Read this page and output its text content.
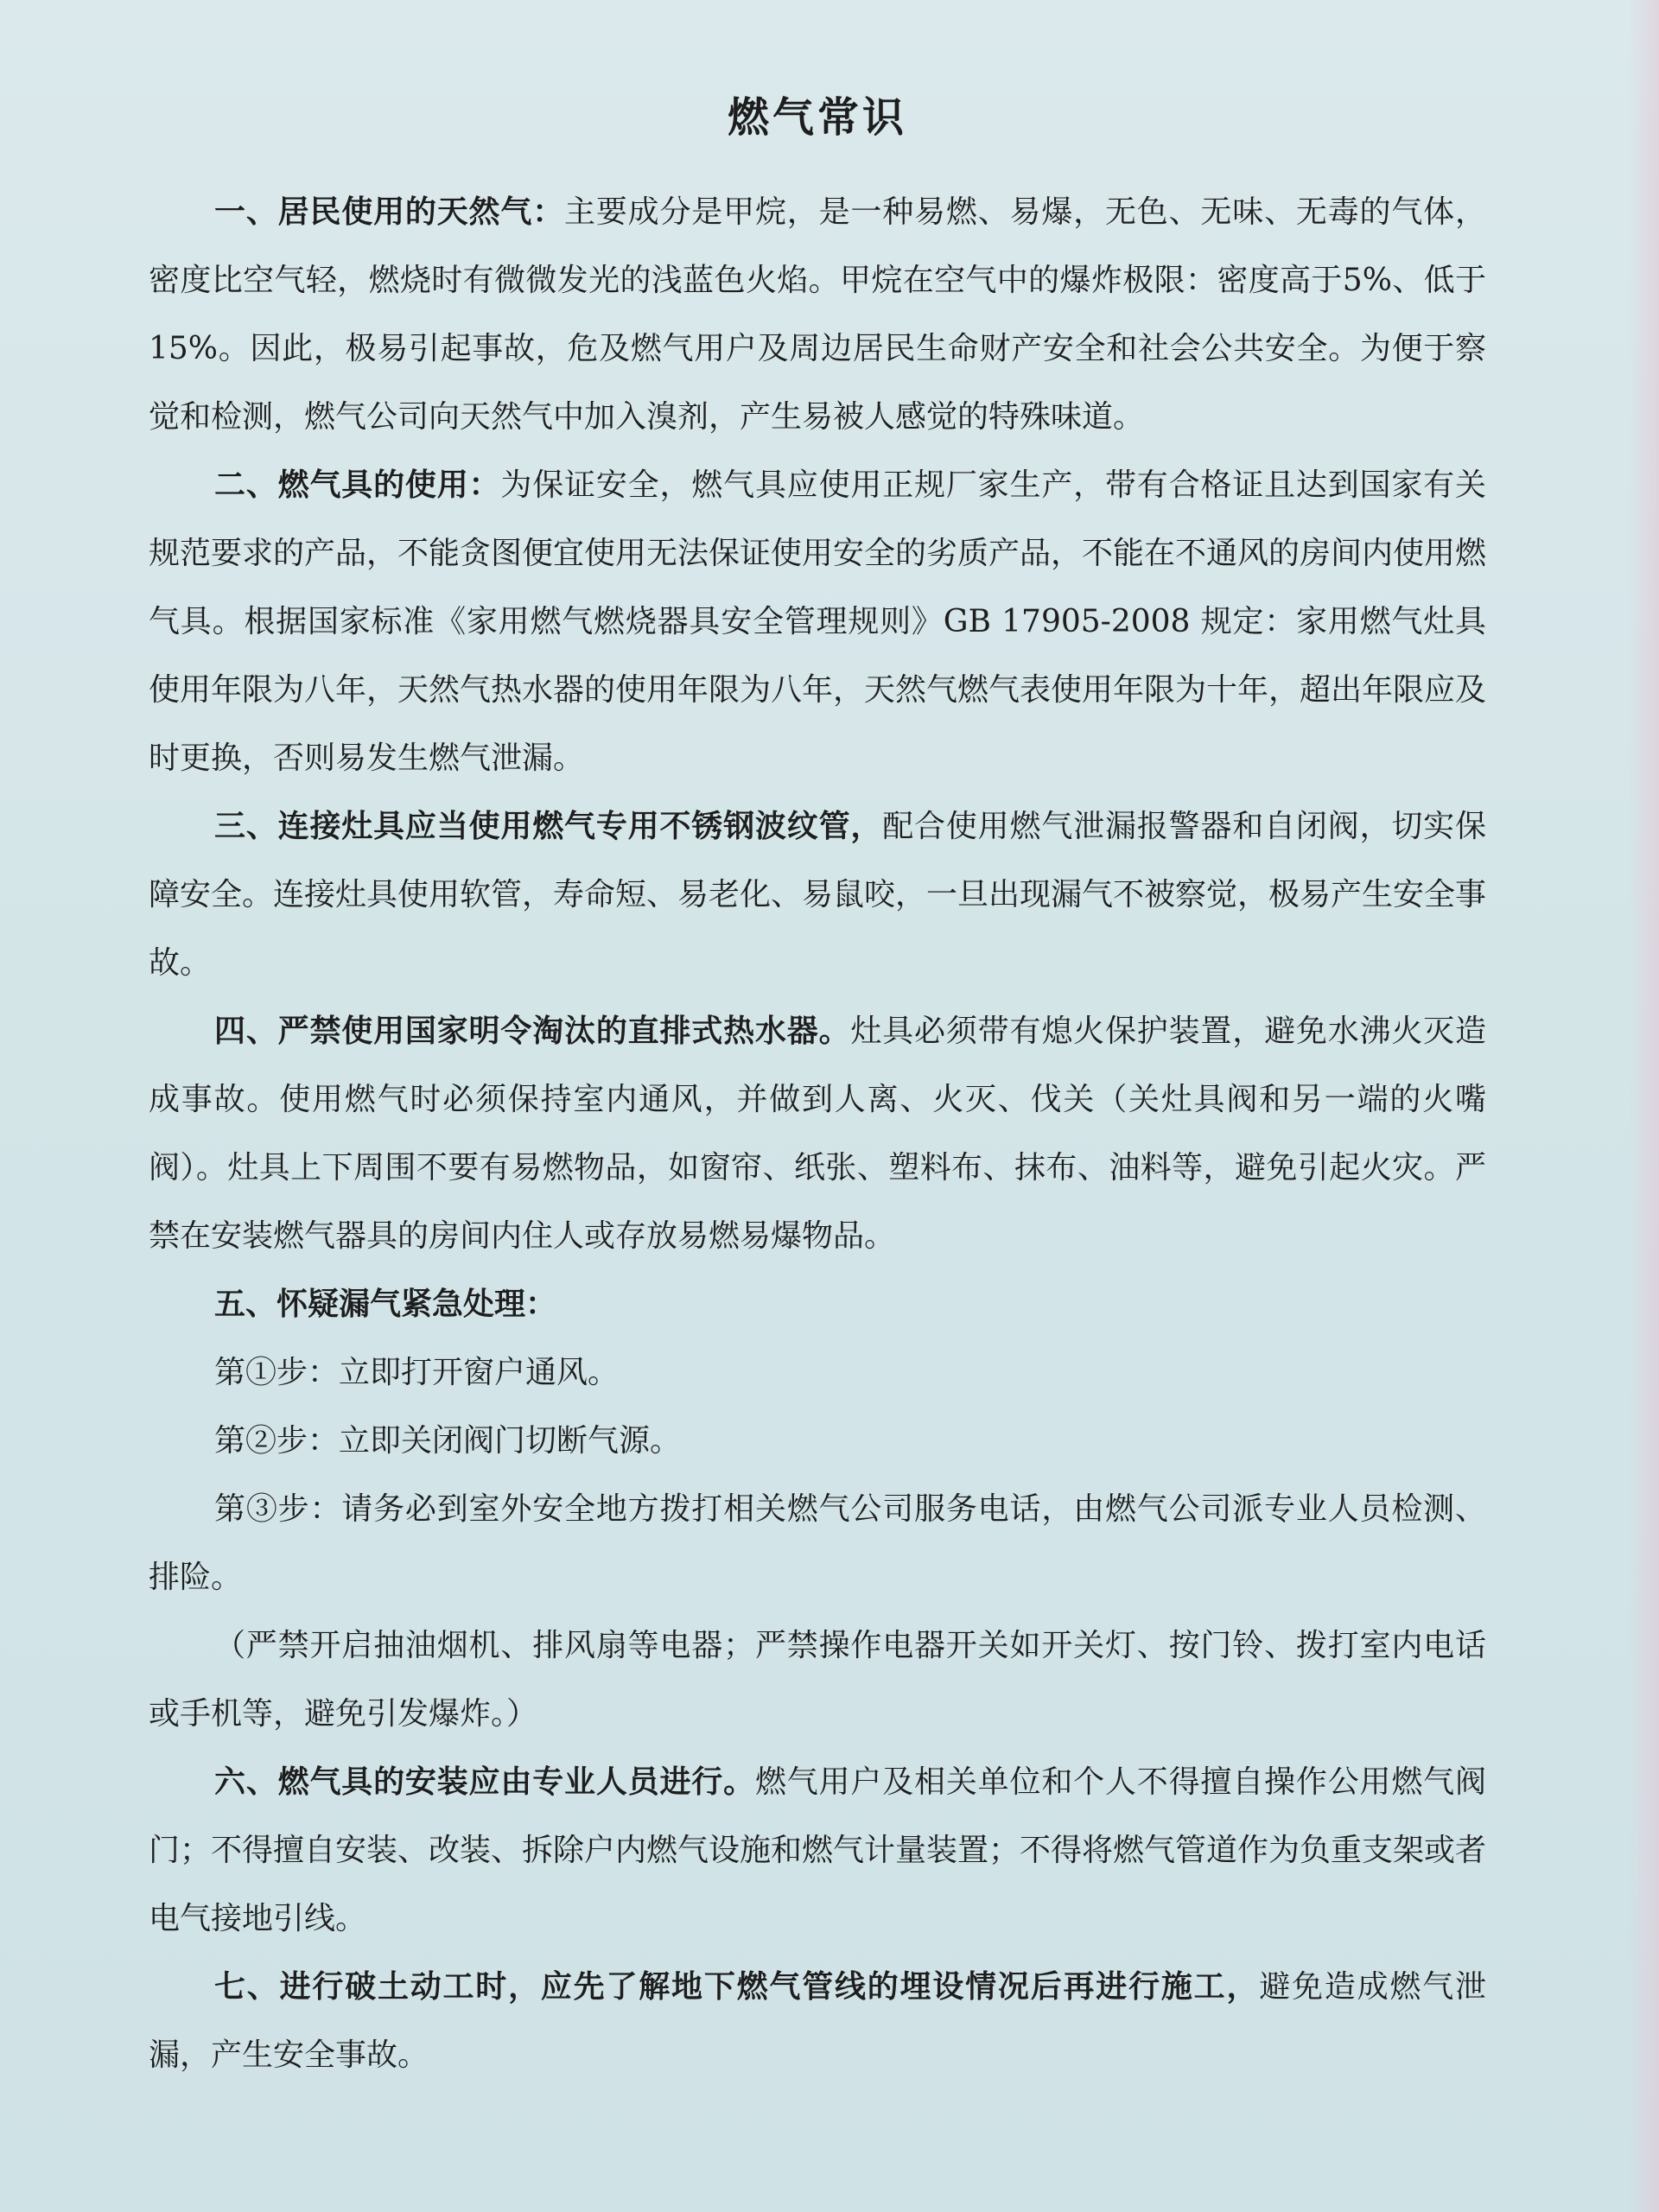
燃气常识

一、居民使用的天然气：主要成分是甲烷，是一种易燃、易爆，无色、无味、无毒的气体，密度比空气轻，燃烧时有微微发光的浅蓝色火焰。甲烷在空气中的爆炸极限：密度高于5%、低于15%。因此，极易引起事故，危及燃气用户及周边居民生命财产安全和社会公共安全。为便于察觉和检测，燃气公司向天然气中加入溴剂，产生易被人感觉的特殊味道。

二、燃气具的使用：为保证安全，燃气具应使用正规厂家生产，带有合格证且达到国家有关规范要求的产品，不能贪图便宜使用无法保证使用安全的劣质产品，不能在不通风的房间内使用燃气具。根据国家标准《家用燃气燃烧器具安全管理规则》GB 17905-2008 规定：家用燃气灶具使用年限为八年，天然气热水器的使用年限为八年，天然气燃气表使用年限为十年，超出年限应及时更换，否则易发生燃气泄漏。

三、连接灶具应当使用燃气专用不锈钢波纹管，配合使用燃气泄漏报警器和自闭阀，切实保障安全。连接灶具使用软管，寿命短、易老化、易鼠咬，一旦出现漏气不被察觉，极易产生安全事故。

四、严禁使用国家明令淘汰的直排式热水器。灶具必须带有熄火保护装置，避免水沸火灭造成事故。使用燃气时必须保持室内通风，并做到人离、火灭、伐关（关灶具阀和另一端的火嘴阀）。灶具上下周围不要有易燃物品，如窗帘、纸张、塑料布、抹布、油料等，避免引起火灾。严禁在安装燃气器具的房间内住人或存放易燃易爆物品。

五、怀疑漏气紧急处理：

第①步：立即打开窗户通风。

第②步：立即关闭阀门切断气源。

第③步：请务必到室外安全地方拨打相关燃气公司服务电话，由燃气公司派专业人员检测、排险。

（严禁开启抽油烟机、排风扇等电器；严禁操作电器开关如开关灯、按门铃、拨打室内电话或手机等，避免引发爆炸。）

六、燃气具的安装应由专业人员进行。燃气用户及相关单位和个人不得擅自操作公用燃气阀门；不得擅自安装、改装、拆除户内燃气设施和燃气计量装置；不得将燃气管道作为负重支架或者电气接地引线。

七、进行破土动工时，应先了解地下燃气管线的埋设情况后再进行施工，避免造成燃气泄漏，产生安全事故。
